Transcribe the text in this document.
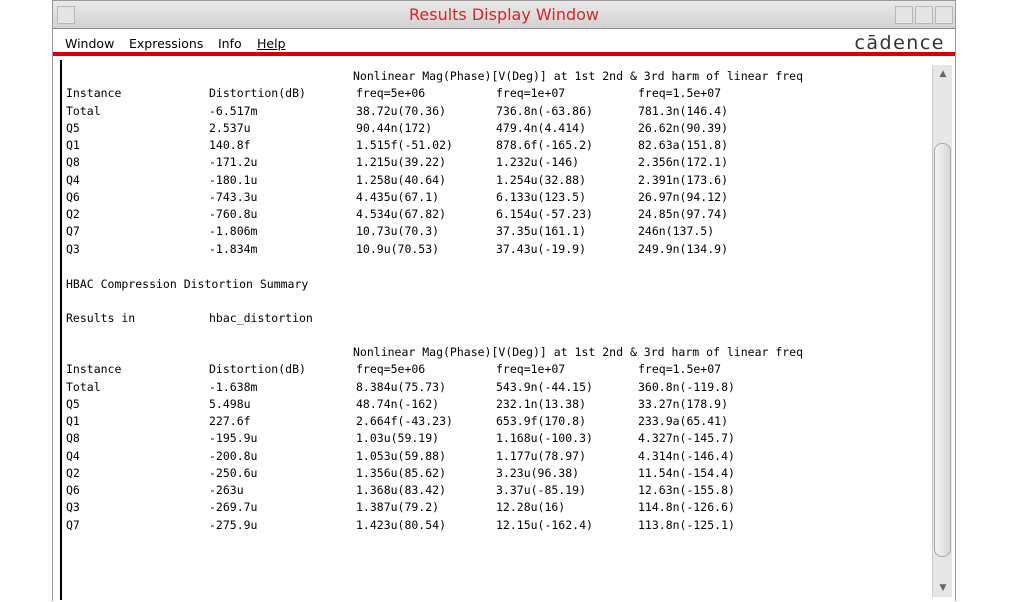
Results Display Window
Window Expressions Info Help	cādence
Nonlinear Mag(Phase)[V(Deg)] at 1st 2nd & 3rd harm of linear freq
Instance	Distortion(dB)	freq=5e+06	freq=1e+07	freq=1.5e+07
Total	-6.517m	38.72u(70.36)	736.8n(-63.86)	781.3n(146.4)
Q5	2.537u	90.44n(172)	479.4n(4.414)	26.62n(90.39)
Q1	140.8f	1.515f(-51.02)	878.6f(-165.2)	82.63a(151.8)
Q8	-171.2u	1.215u(39.22)	1.232u(-146)	2.356n(172.1)
Q4	-180.1u	1.258u(40.64)	1.254u(32.88)	2.391n(173.6)
Q6	-743.3u	4.435u(67.1)	6.133u(123.5)	26.97n(94.12)
Q2	-760.8u	4.534u(67.82)	6.154u(-57.23)	24.85n(97.74)
Q7	-1.806m	10.73u(70.3)	37.35u(161.1)	246n(137.5)
Q3	-1.834m	10.9u(70.53)	37.43u(-19.9)	249.9n(134.9)
HBAC Compression Distortion Summary
Results in	hbac_distortion
Nonlinear Mag(Phase)[V(Deg)] at 1st 2nd & 3rd harm of linear freq
Instance	Distortion(dB)	freq=5e+06	freq=1e+07	freq=1.5e+07
Total	-1.638m	8.384u(75.73)	543.9n(-44.15)	360.8n(-119.8)
Q5	5.498u	48.74n(-162)	232.1n(13.38)	33.27n(178.9)
Q1	227.6f	2.664f(-43.23)	653.9f(170.8)	233.9a(65.41)
Q8	-195.9u	1.03u(59.19)	1.168u(-100.3)	4.327n(-145.7)
Q4	-200.8u	1.053u(59.88)	1.177u(78.97)	4.314n(-146.4)
Q2	-250.6u	1.356u(85.62)	3.23u(96.38)	11.54n(-154.4)
Q6	-263u	1.368u(83.42)	3.37u(-85.19)	12.63n(-155.8)
Q3	-269.7u	1.387u(79.2)	12.28u(16)	114.8n(-126.6)
Q7	-275.9u	1.423u(80.54)	12.15u(-162.4)	113.8n(-125.1)
▲
▼
